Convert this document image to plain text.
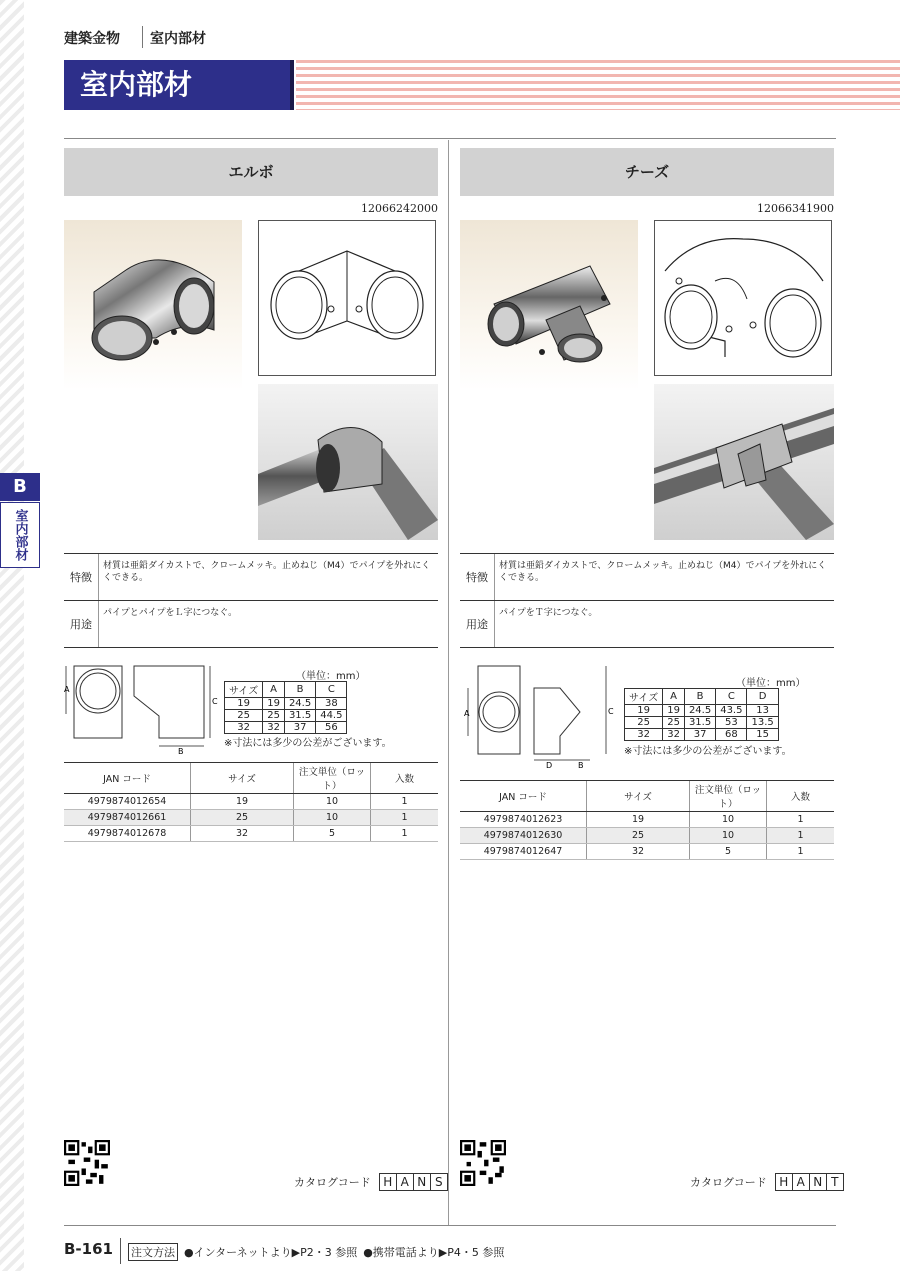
建築金物 室内部材
室内部材
B
室内部材
エルボ
12066242000
特徴
材質は亜鉛ダイカストで、クロームメッキ。止めねじ（M4）でパイプを外れにくくできる。
用途
パイプとパイプをＬ字につなぐ。
A
C
B
（単位：mm）
サイズ	A	B	C
19	19	24.5	38
25	25	31.5	44.5
32	32	37	56
※寸法には多少の公差がございます。
JAN コード	サイズ	注文単位（ロット）	入数
4979874012654	19	10	1
4979874012661	25	10	1
4979874012678	32	5	1
チーズ
12066341900
特徴
材質は亜鉛ダイカストで、クロームメッキ。止めねじ（M4）でパイプを外れにくくできる。
用途
パイプをＴ字につなぐ。
A	C
B
D
（単位：mm）
サイズ	A	B	C	D
19	19	24.5	43.5	13
25	25	31.5	53	13.5
32	32	37	68	15
※寸法には多少の公差がございます。
JAN コード	サイズ	注文単位（ロット）	入数
4979874012623	19	10	1
4979874012630	25	10	1
4979874012647	32	5	1
カタログコード H A N S	カタログコード H A N T
B-161 注文方法 ●インターネットより▶P2・3 参照 ●携帯電話より▶P4・5 参照
